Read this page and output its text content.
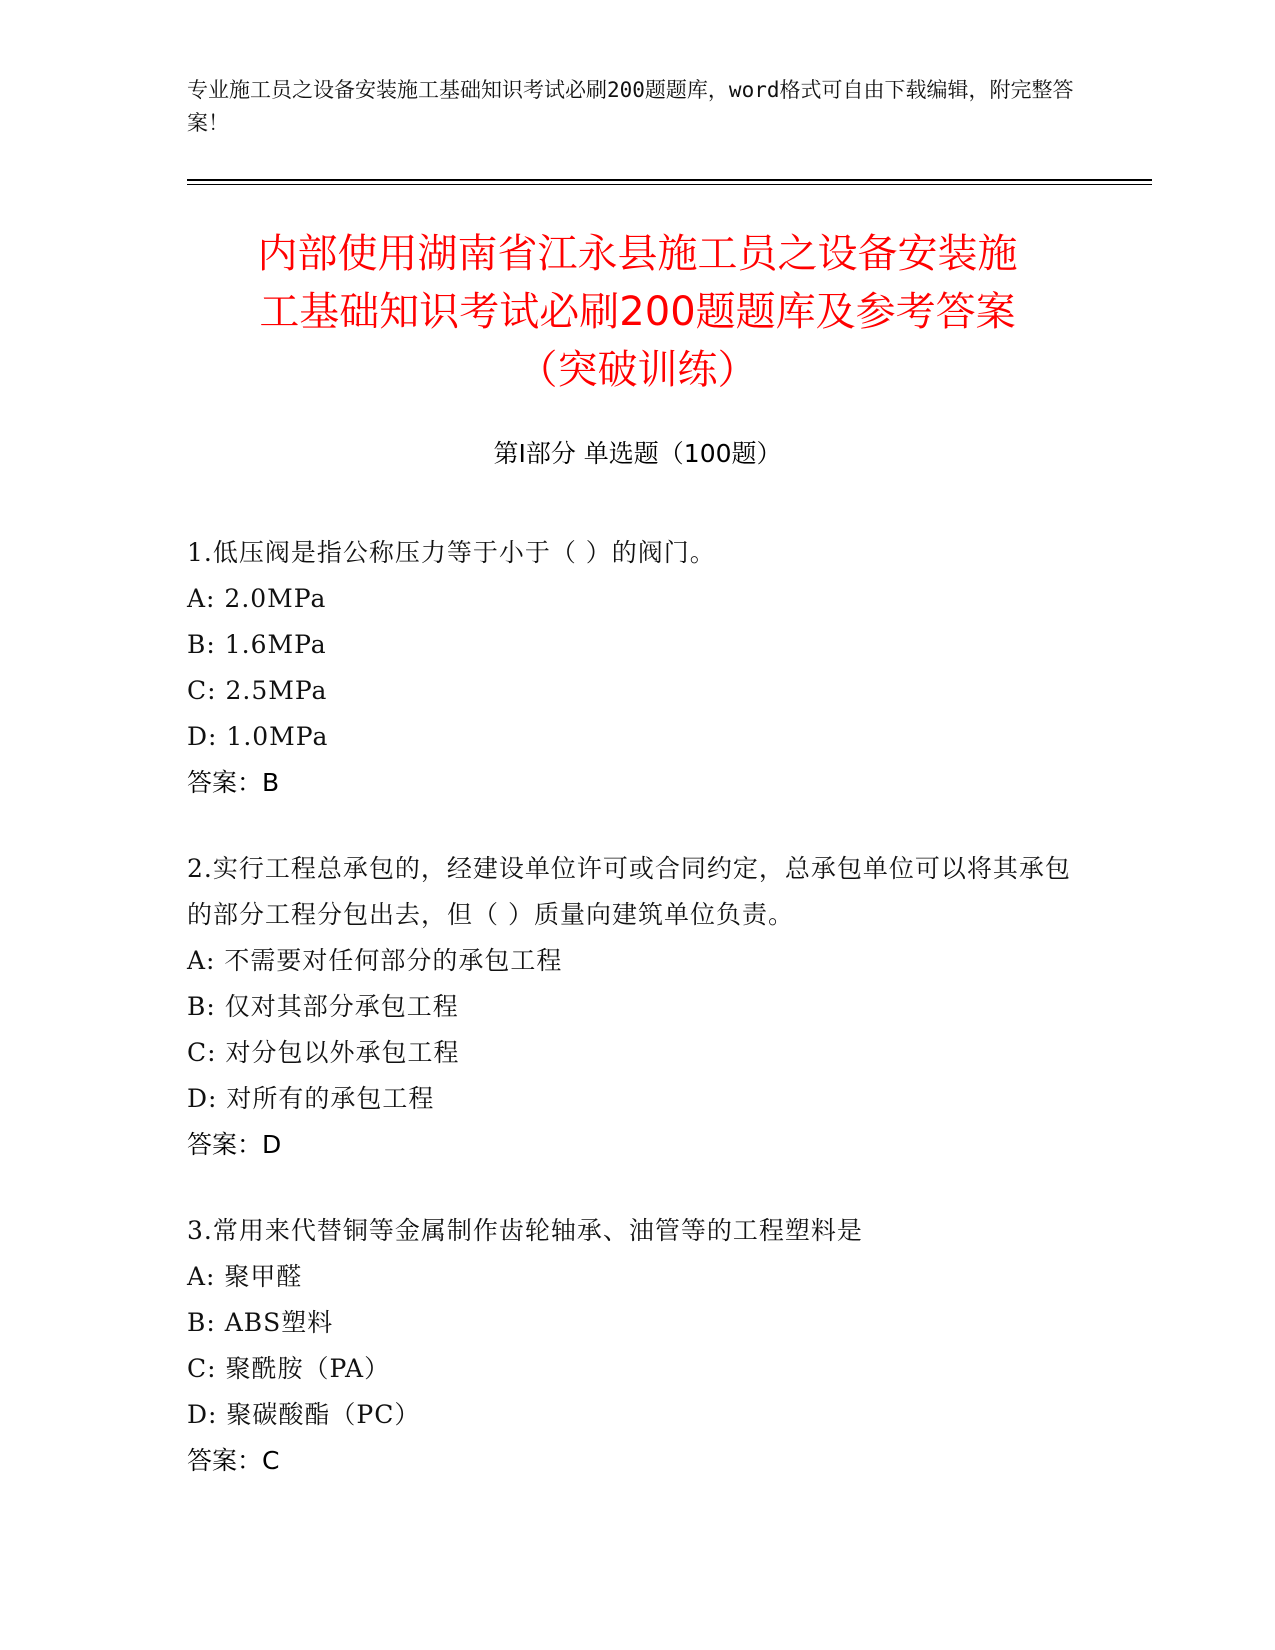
专业施工员之设备安装施工基础知识考试必刷200题题库，word格式可自由下载编辑，附完整答案！
内部使用湖南省江永县施工员之设备安装施
工基础知识考试必刷200题题库及参考答案
（突破训练）
第I部分 单选题（100题）
1.低压阀是指公称压力等于小于（ ）的阀门。
A: 2.0MPa
B: 1.6MPa
C: 2.5MPa
D: 1.0MPa
答案：B
2.实行工程总承包的，经建设单位许可或合同约定，总承包单位可以将其承包的部分工程分包出去，但（ ）质量向建筑单位负责。
A: 不需要对任何部分的承包工程
B: 仅对其部分承包工程
C: 对分包以外承包工程
D: 对所有的承包工程
答案：D
3.常用来代替铜等金属制作齿轮轴承、油管等的工程塑料是
A: 聚甲醛
B: ABS塑料
C: 聚酰胺（PA）
D: 聚碳酸酯（PC）
答案：C
